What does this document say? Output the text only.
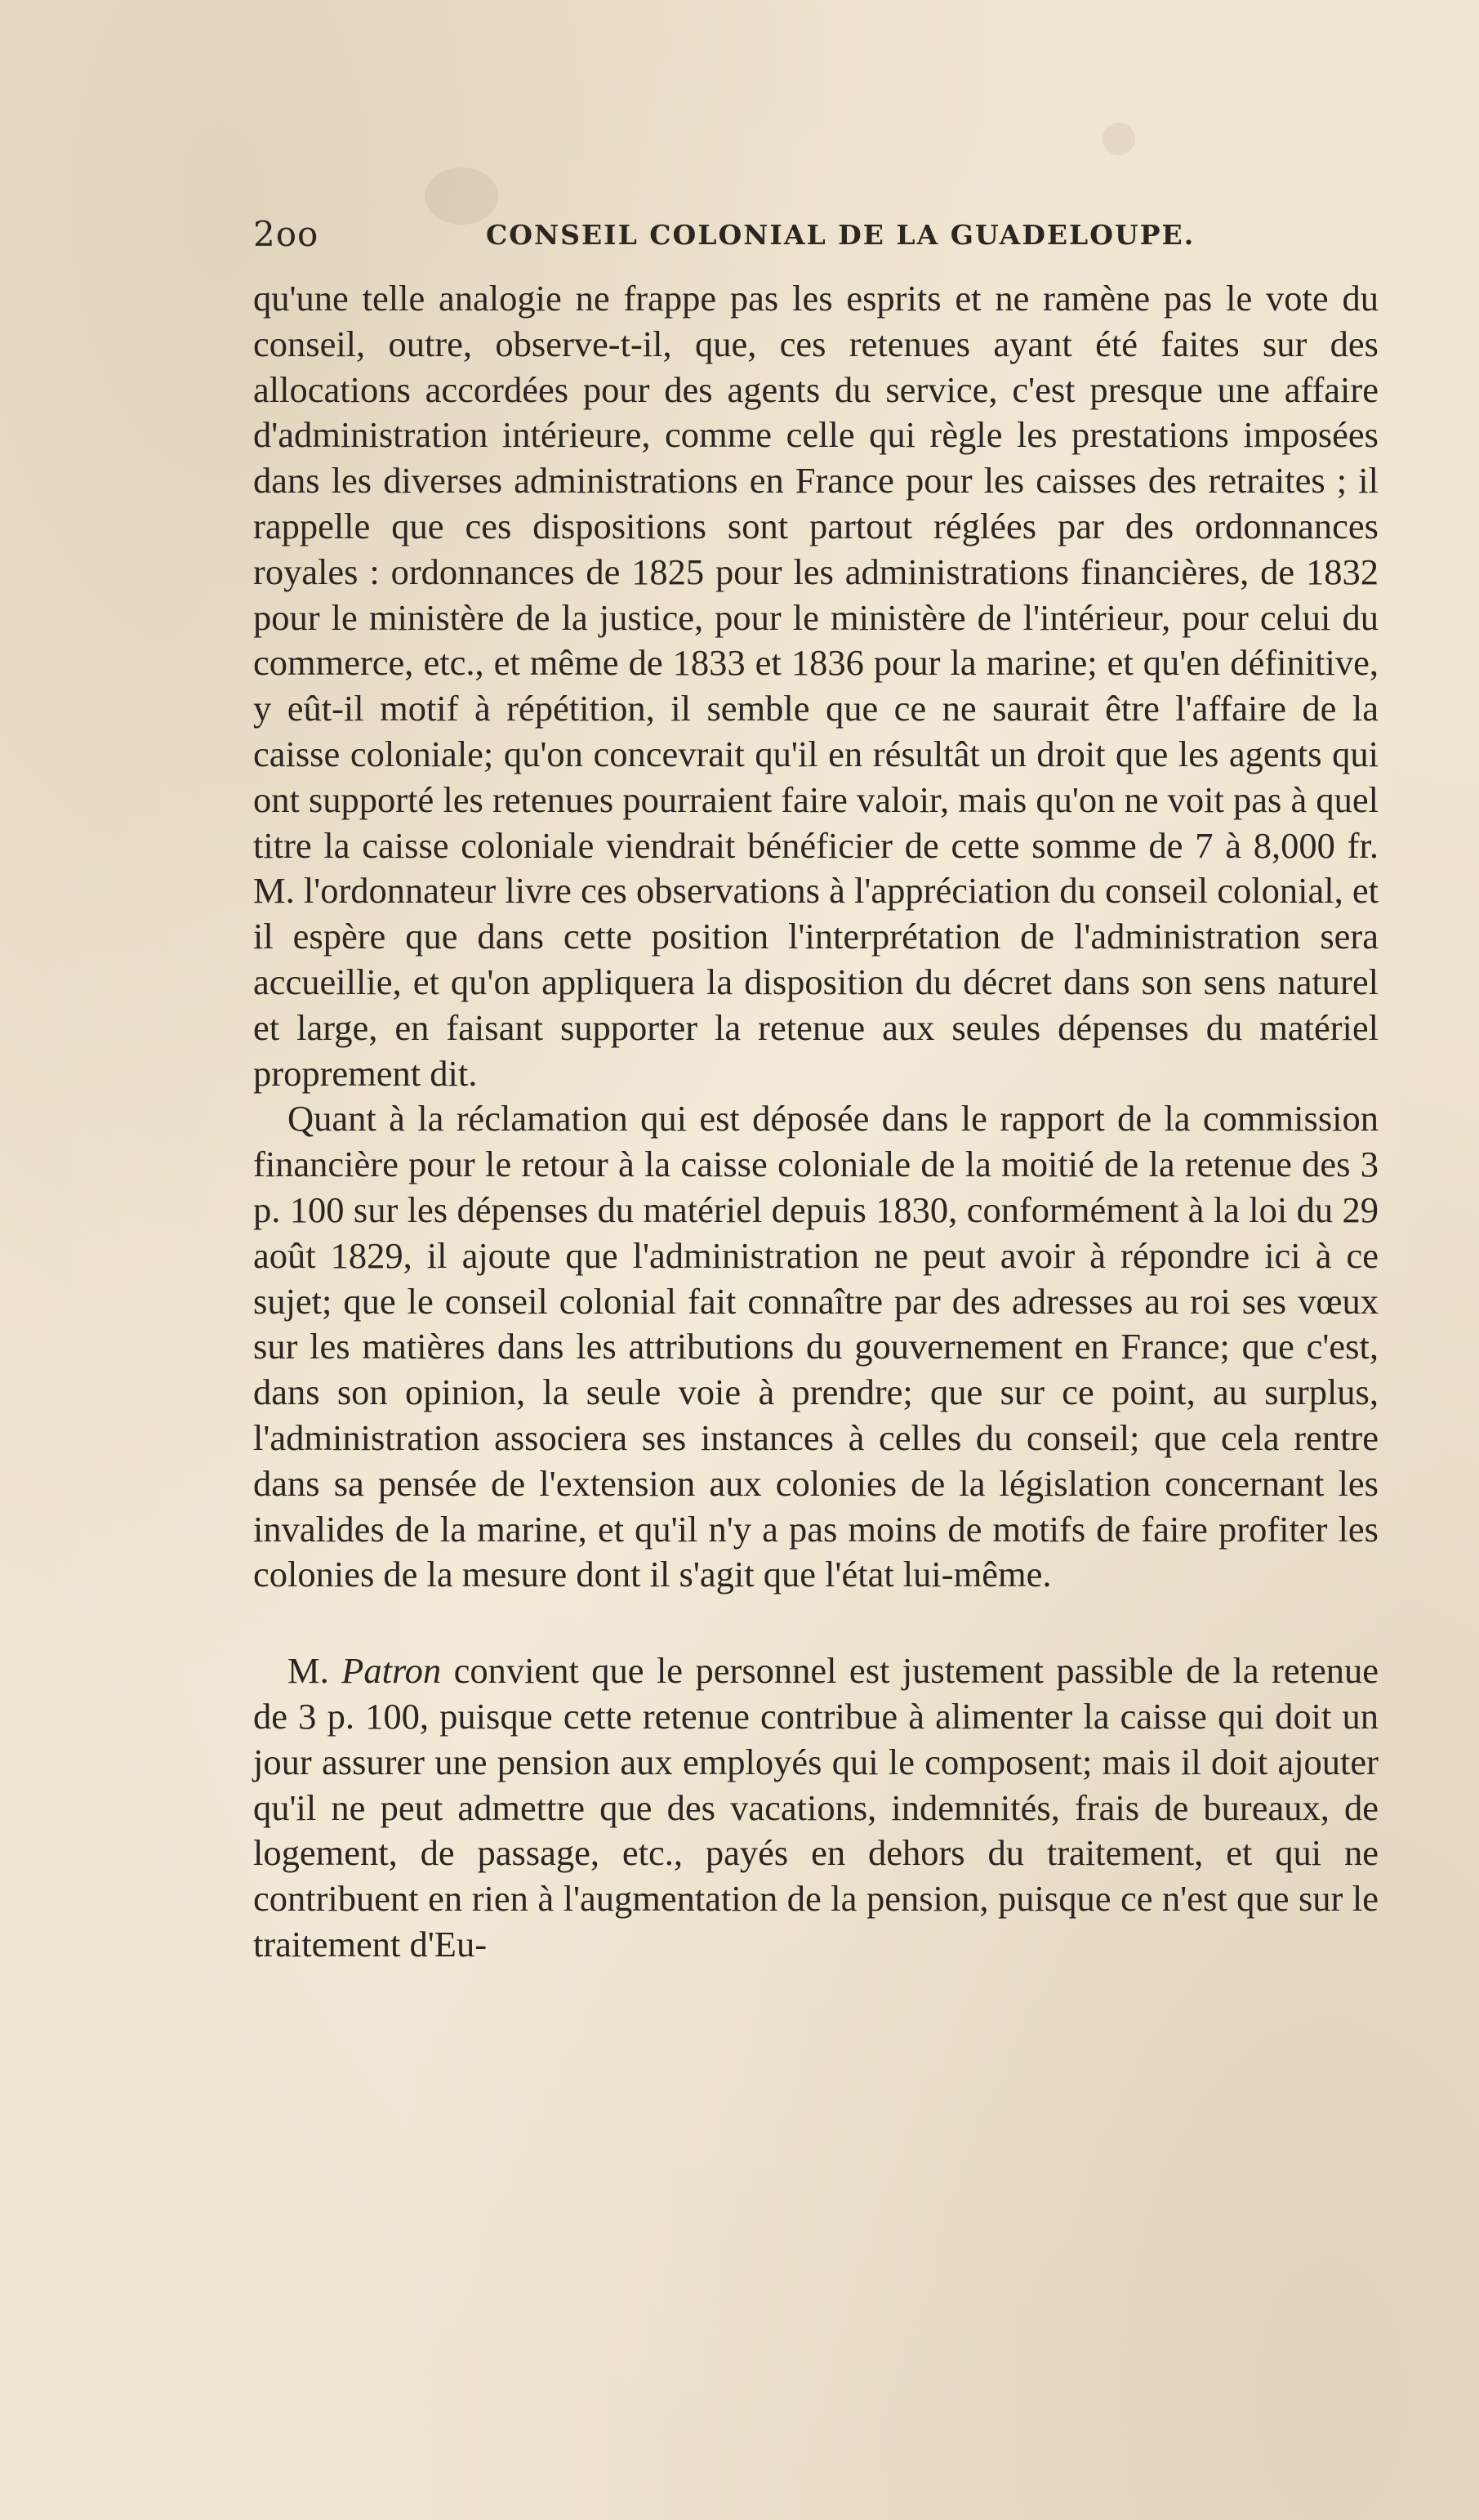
2oo	CONSEIL COLONIAL DE LA GUADELOUPE.

qu'une telle analogie ne frappe pas les esprits et ne ramène pas le vote du conseil, outre, observe-t-il, que, ces retenues ayant été faites sur des allocations accordées pour des agents du service, c'est presque une affaire d'administration intérieure, comme celle qui règle les prestations imposées dans les diverses administrations en France pour les caisses des retraites ; il rappelle que ces dispositions sont partout réglées par des ordonnances royales : ordonnances de 1825 pour les administrations financières, de 1832 pour le ministère de la justice, pour le ministère de l'intérieur, pour celui du commerce, etc., et même de 1833 et 1836 pour la marine; et qu'en définitive, y eût-il motif à répétition, il semble que ce ne saurait être l'affaire de la caisse coloniale; qu'on concevrait qu'il en résultât un droit que les agents qui ont supporté les retenues pourraient faire valoir, mais qu'on ne voit pas à quel titre la caisse coloniale viendrait bénéficier de cette somme de 7 à 8,000 fr. M. l'ordonnateur livre ces observations à l'appréciation du conseil colonial, et il espère que dans cette position l'interprétation de l'administration sera accueillie, et qu'on appliquera la disposition du décret dans son sens naturel et large, en faisant supporter la retenue aux seules dépenses du matériel proprement dit.

Quant à la réclamation qui est déposée dans le rapport de la commission financière pour le retour à la caisse coloniale de la moitié de la retenue des 3 p. 100 sur les dépenses du matériel depuis 1830, conformément à la loi du 29 août 1829, il ajoute que l'administration ne peut avoir à répondre ici à ce sujet; que le conseil colonial fait connaître par des adresses au roi ses vœux sur les matières dans les attributions du gouvernement en France; que c'est, dans son opinion, la seule voie à prendre; que sur ce point, au surplus, l'administration associera ses instances à celles du conseil; que cela rentre dans sa pensée de l'extension aux colonies de la législation concernant les invalides de la marine, et qu'il n'y a pas moins de motifs de faire profiter les colonies de la mesure dont il s'agit que l'état lui-même.

M. Patron convient que le personnel est justement passible de la retenue de 3 p. 100, puisque cette retenue contribue à alimenter la caisse qui doit un jour assurer une pension aux employés qui le composent; mais il doit ajouter qu'il ne peut admettre que des vacations, indemnités, frais de bureaux, de logement, de passage, etc., payés en dehors du traitement, et qui ne contribuent en rien à l'augmentation de la pension, puisque ce n'est que sur le traitement d'Eu-
